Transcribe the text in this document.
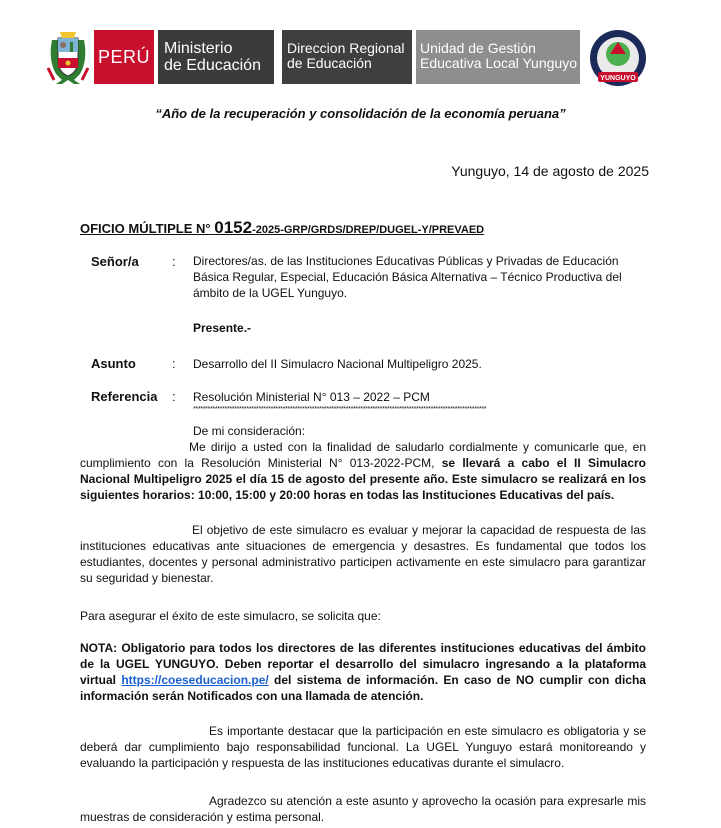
PERÚ Ministerio
de Educación
Direccion Regional
de Educación
Unidad de Gestión
Educativa Local Yunguyo
YUNGUYO
“Año de la recuperación y consolidación de la economía peruana”
Yunguyo, 14 de agosto de 2025
OFICIO MÚLTIPLE N° 0152-2025-GRP/GRDS/DREP/DUGEL-Y/PREVAED
Señor/a	: Directores/as. de las Instituciones Educativas Públicas y Privadas de Educación Básica Regular, Especial, Educación Básica Alternativa – Técnico Productiva del ámbito de la UGEL Yunguyo.
Presente.-
Asunto	: Desarrollo del II Simulacro Nacional Multipeligro 2025.
Referencia : Resolución Ministerial N° 013 – 2022 – PCM
*************************************************************************************************************************
De mi consideración:
Me dirijo a usted con la finalidad de saludarlo cordialmente y comunicarle que, en cumplimiento con la Resolución Ministerial N° 013-2022-PCM, se llevará a cabo el II Simulacro Nacional Multipeligro 2025 el día 15 de agosto del presente año. Este simulacro se realizará en los siguientes horarios: 10:00, 15:00 y 20:00 horas en todas las Instituciones Educativas del país.
El objetivo de este simulacro es evaluar y mejorar la capacidad de respuesta de las instituciones educativas ante situaciones de emergencia y desastres. Es fundamental que todos los estudiantes, docentes y personal administrativo participen activamente en este simulacro para garantizar su seguridad y bienestar.
Para asegurar el éxito de este simulacro, se solicita que:
NOTA: Obligatorio para todos los directores de las diferentes instituciones educativas del ámbito de la UGEL YUNGUYO. Deben reportar el desarrollo del simulacro ingresando a la plataforma virtual https://coeseducacion.pe/ del sistema de información. En caso de NO cumplir con dicha información serán Notificados con una llamada de atención.
Es importante destacar que la participación en este simulacro es obligatoria y se deberá dar cumplimiento bajo responsabilidad funcional. La UGEL Yunguyo estará monitoreando y evaluando la participación y respuesta de las instituciones educativas durante el simulacro.
Agradezco su atención a este asunto y aprovecho la ocasión para expresarle mis muestras de consideración y estima personal.
